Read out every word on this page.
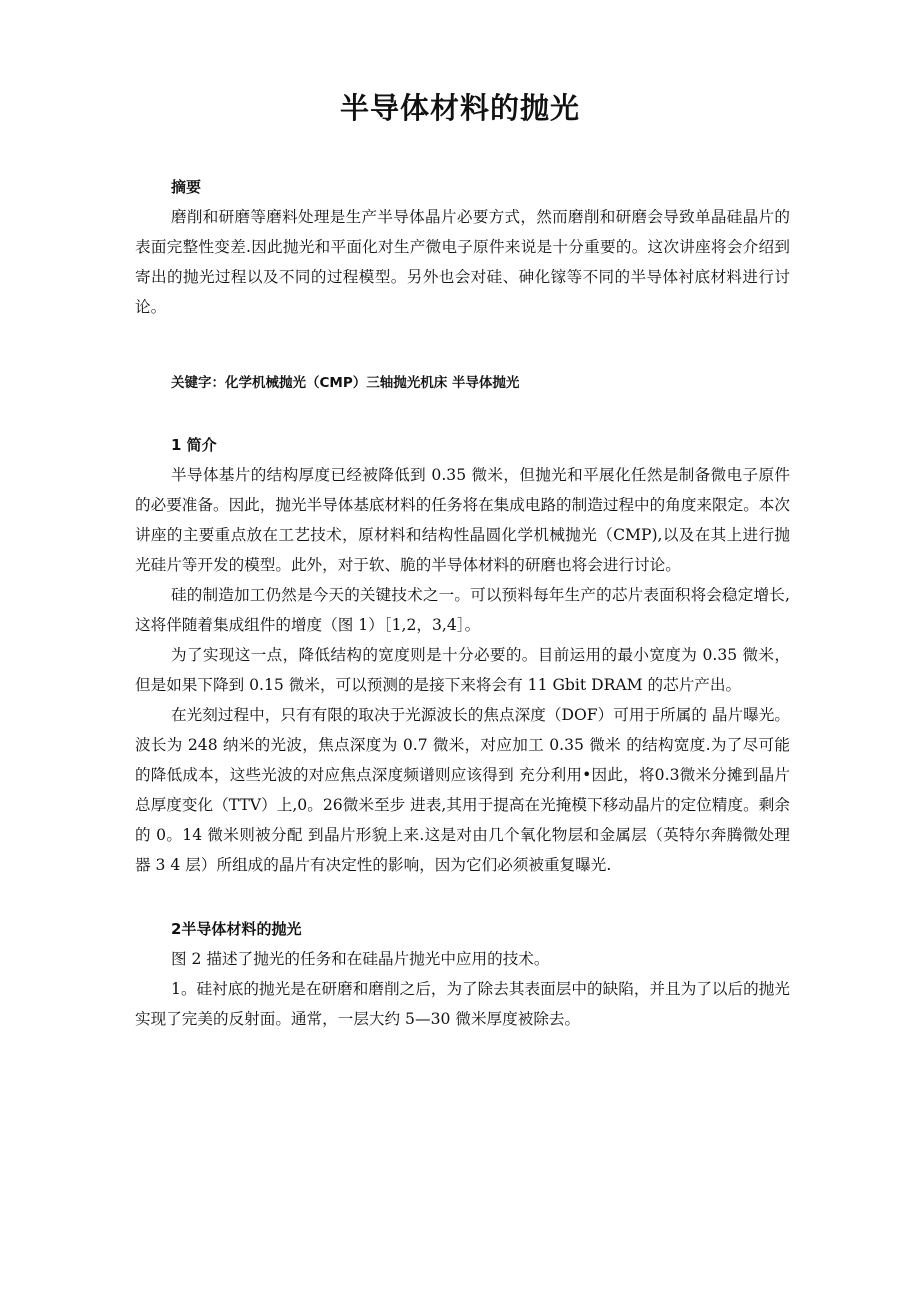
半导体材料的抛光

摘要

磨削和研磨等磨料处理是生产半导体晶片必要方式，然而磨削和研磨会导致单晶硅晶片的表面完整性变差.因此抛光和平面化对生产微电子原件来说是十分重要的。这次讲座将会介绍到寄出的抛光过程以及不同的过程模型。另外也会对硅、砷化镓等不同的半导体衬底材料进行讨论。

关键字：化学机械抛光（CMP）三轴抛光机床 半导体抛光

1 简介

半导体基片的结构厚度已经被降低到 0.35 微米，但抛光和平展化任然是制备微电子原件的必要准备。因此，抛光半导体基底材料的任务将在集成电路的制造过程中的角度来限定。本次讲座的主要重点放在工艺技术，原材料和结构性晶圆化学机械抛光（CMP),以及在其上进行抛光硅片等开发的模型。此外，对于软、脆的半导体材料的研磨也将会进行讨论。

硅的制造加工仍然是今天的关键技术之一。可以预料每年生产的芯片表面积将会稳定增长,这将伴随着集成组件的增度（图 1）［1,2，3,4］。

为了实现这一点，降低结构的宽度则是十分必要的。目前运用的最小宽度为 0.35 微米，但是如果下降到 0.15 微米，可以预测的是接下来将会有 11 Gbit DRAM 的芯片产出。

在光刻过程中，只有有限的取决于光源波长的焦点深度（DOF）可用于所属的 晶片曝光。波长为 248 纳米的光波，焦点深度为 0.7 微米，对应加工 0.35 微米 的结构宽度.为了尽可能的降低成本，这些光波的对应焦点深度频谱则应该得到 充分利用•因此，将0.3微米分摊到晶片总厚度变化（TTV）上,0。26微米至步 进表,其用于提高在光掩模下移动晶片的定位精度。剩余的 0。14 微米则被分配 到晶片形貌上来.这是对由几个氧化物层和金属层（英特尔奔腾微处理器 3 4 层）所组成的晶片有决定性的影响，因为它们必须被重复曝光.

2半导体材料的抛光

图 2 描述了抛光的任务和在硅晶片抛光中应用的技术。

1。硅衬底的抛光是在研磨和磨削之后，为了除去其表面层中的缺陷，并且为了以后的抛光实现了完美的反射面。通常，一层大约 5—30 微米厚度被除去。
